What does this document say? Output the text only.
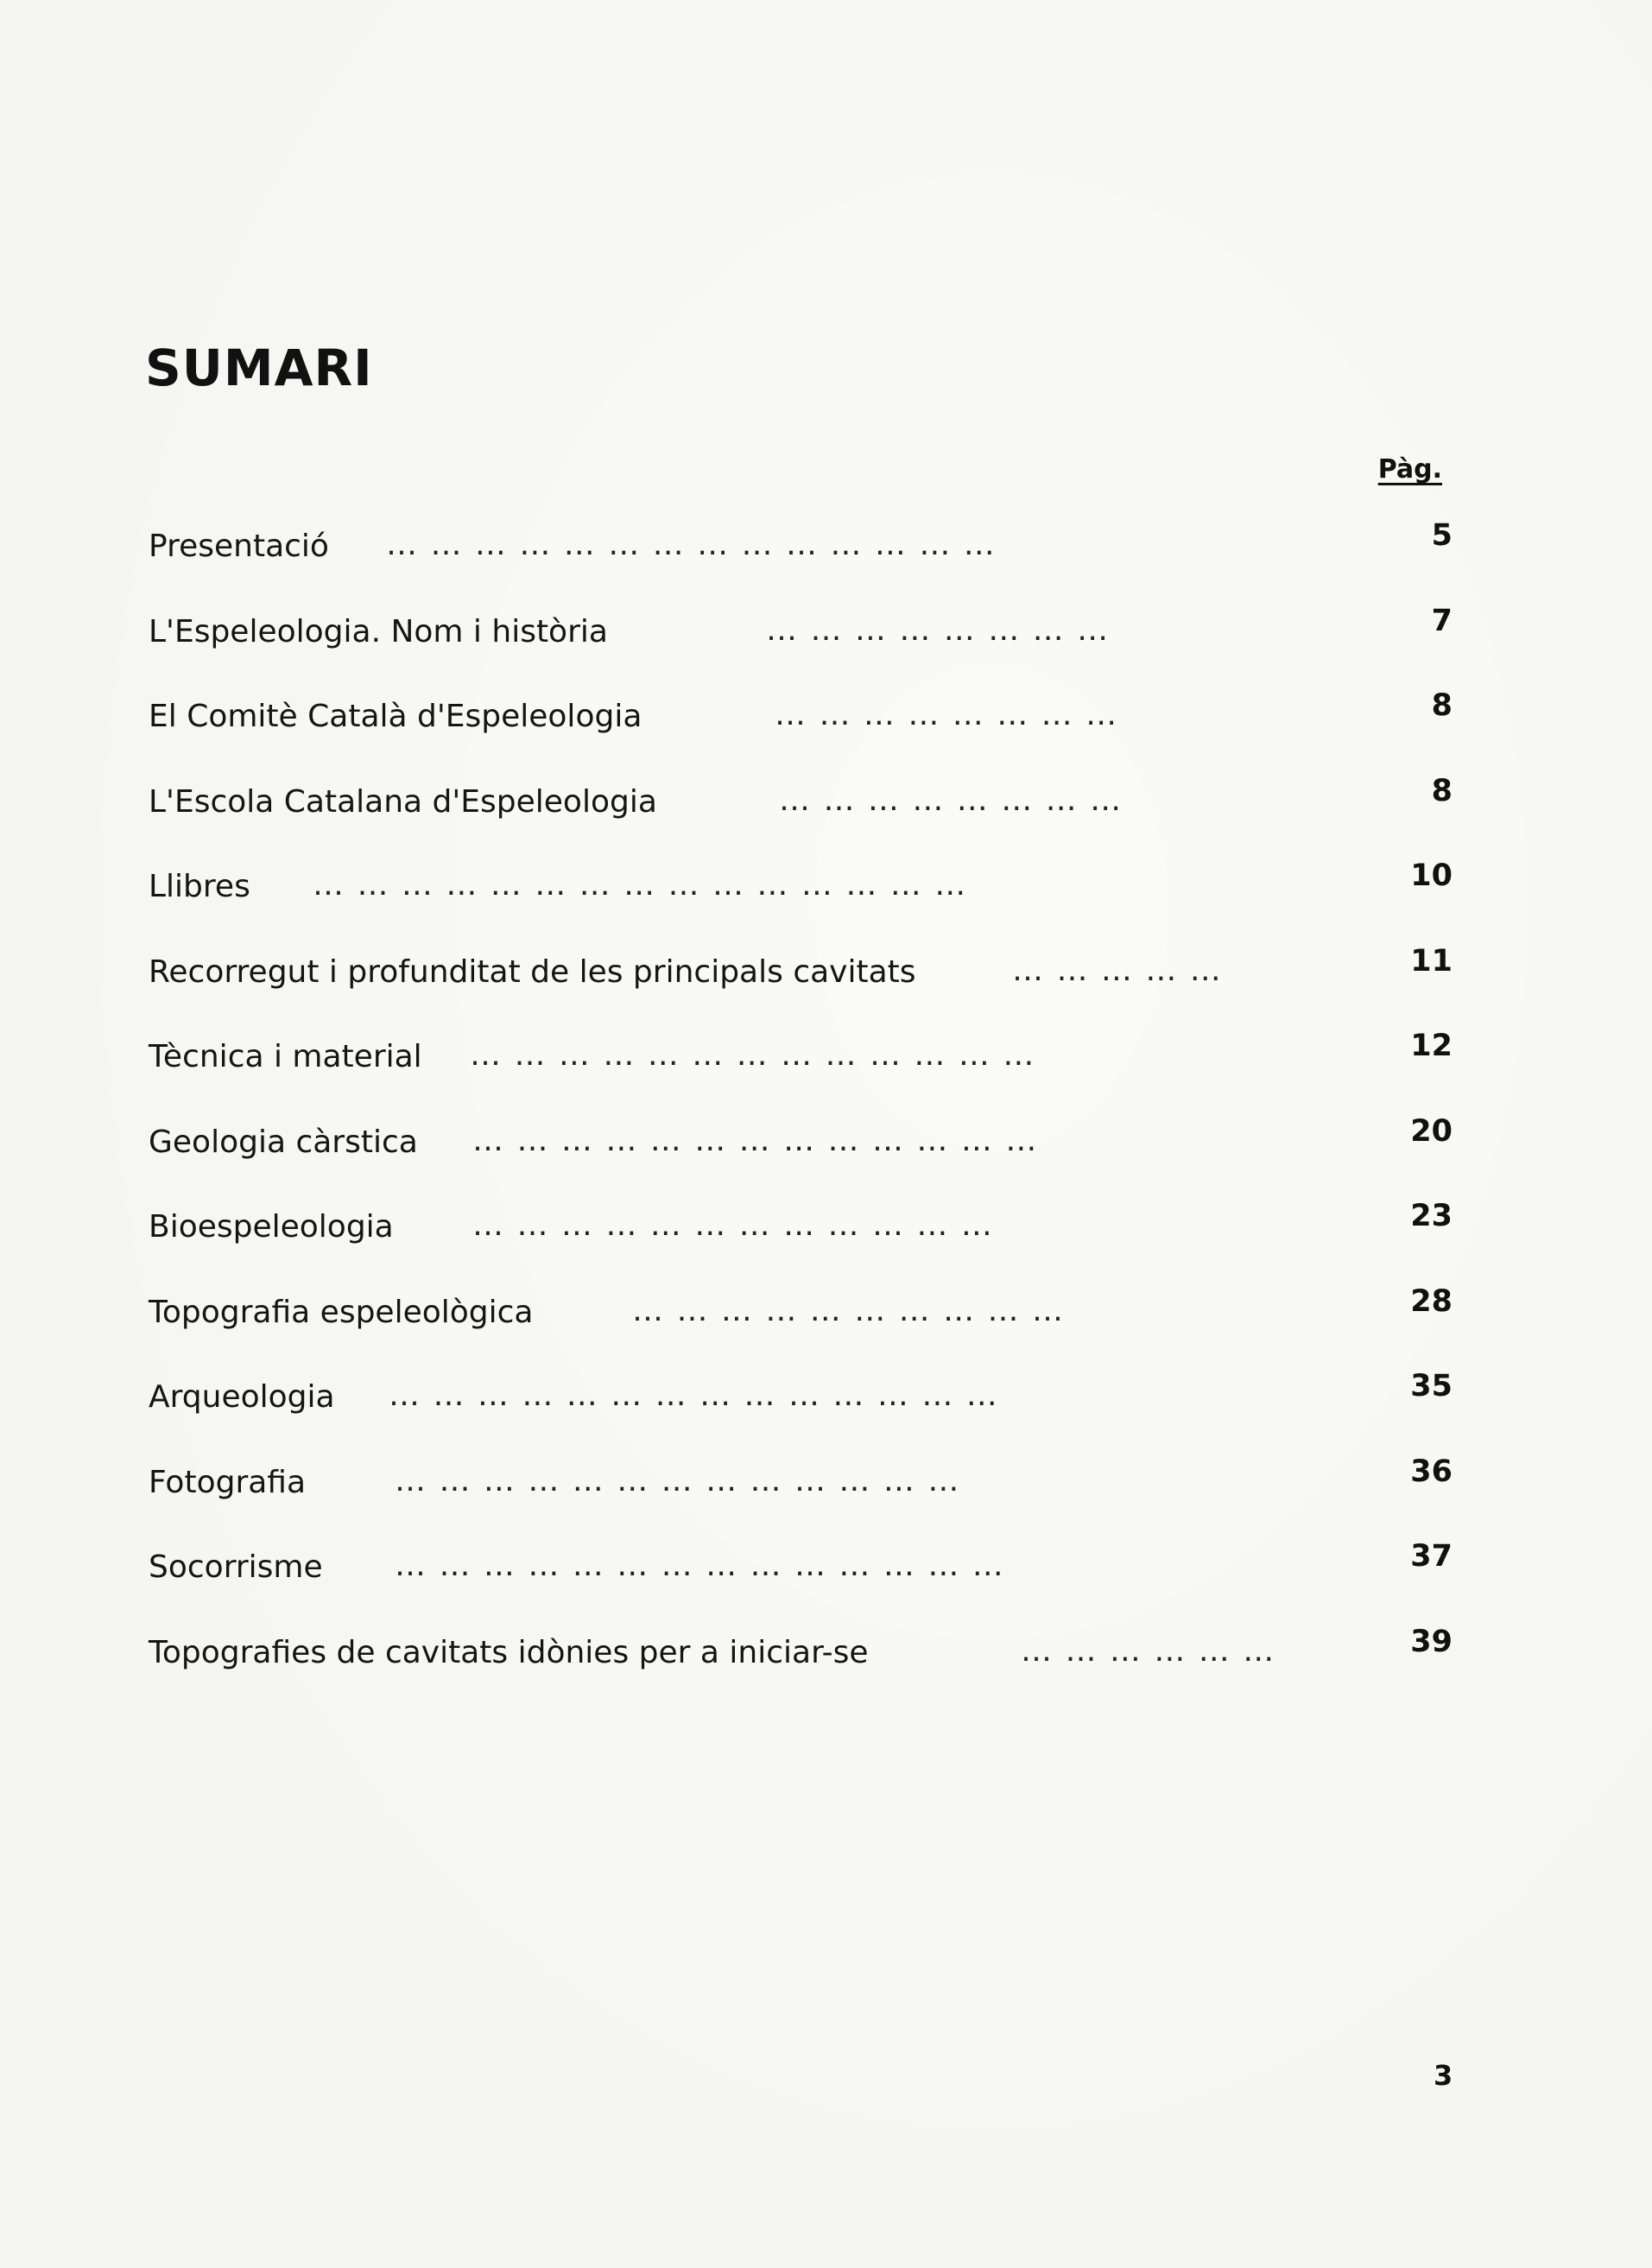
SUMARI
Pàg.
Presentació … … … … … … … … … … … … … …	5
L'Espeleologia. Nom i història	… … … … … … … …	7
El Comitè Català d'Espeleologia	… … … … … … … …	8
L'Escola Catalana d'Espeleologia	… … … … … … … …	8
Llibres … … … … … … … … … … … … … … …	10
Recorregut i profunditat de les principals cavitats	… … … … …	11
Tècnica i material … … … … … … … … … … … … …	12
Geologia càrstica … … … … … … … … … … … … …	20
Bioespeleologia	… … … … … … … … … … … …	23
Topografia espeleològica	… … … … … … … … … …	28
Arqueologia … … … … … … … … … … … … … …	35
Fotografia	… … … … … … … … … … … … …	36
Socorrisme … … … … … … … … … … … … … …	37
Topografies de cavitats idònies per a iniciar-se	… … … … … …	39
3
